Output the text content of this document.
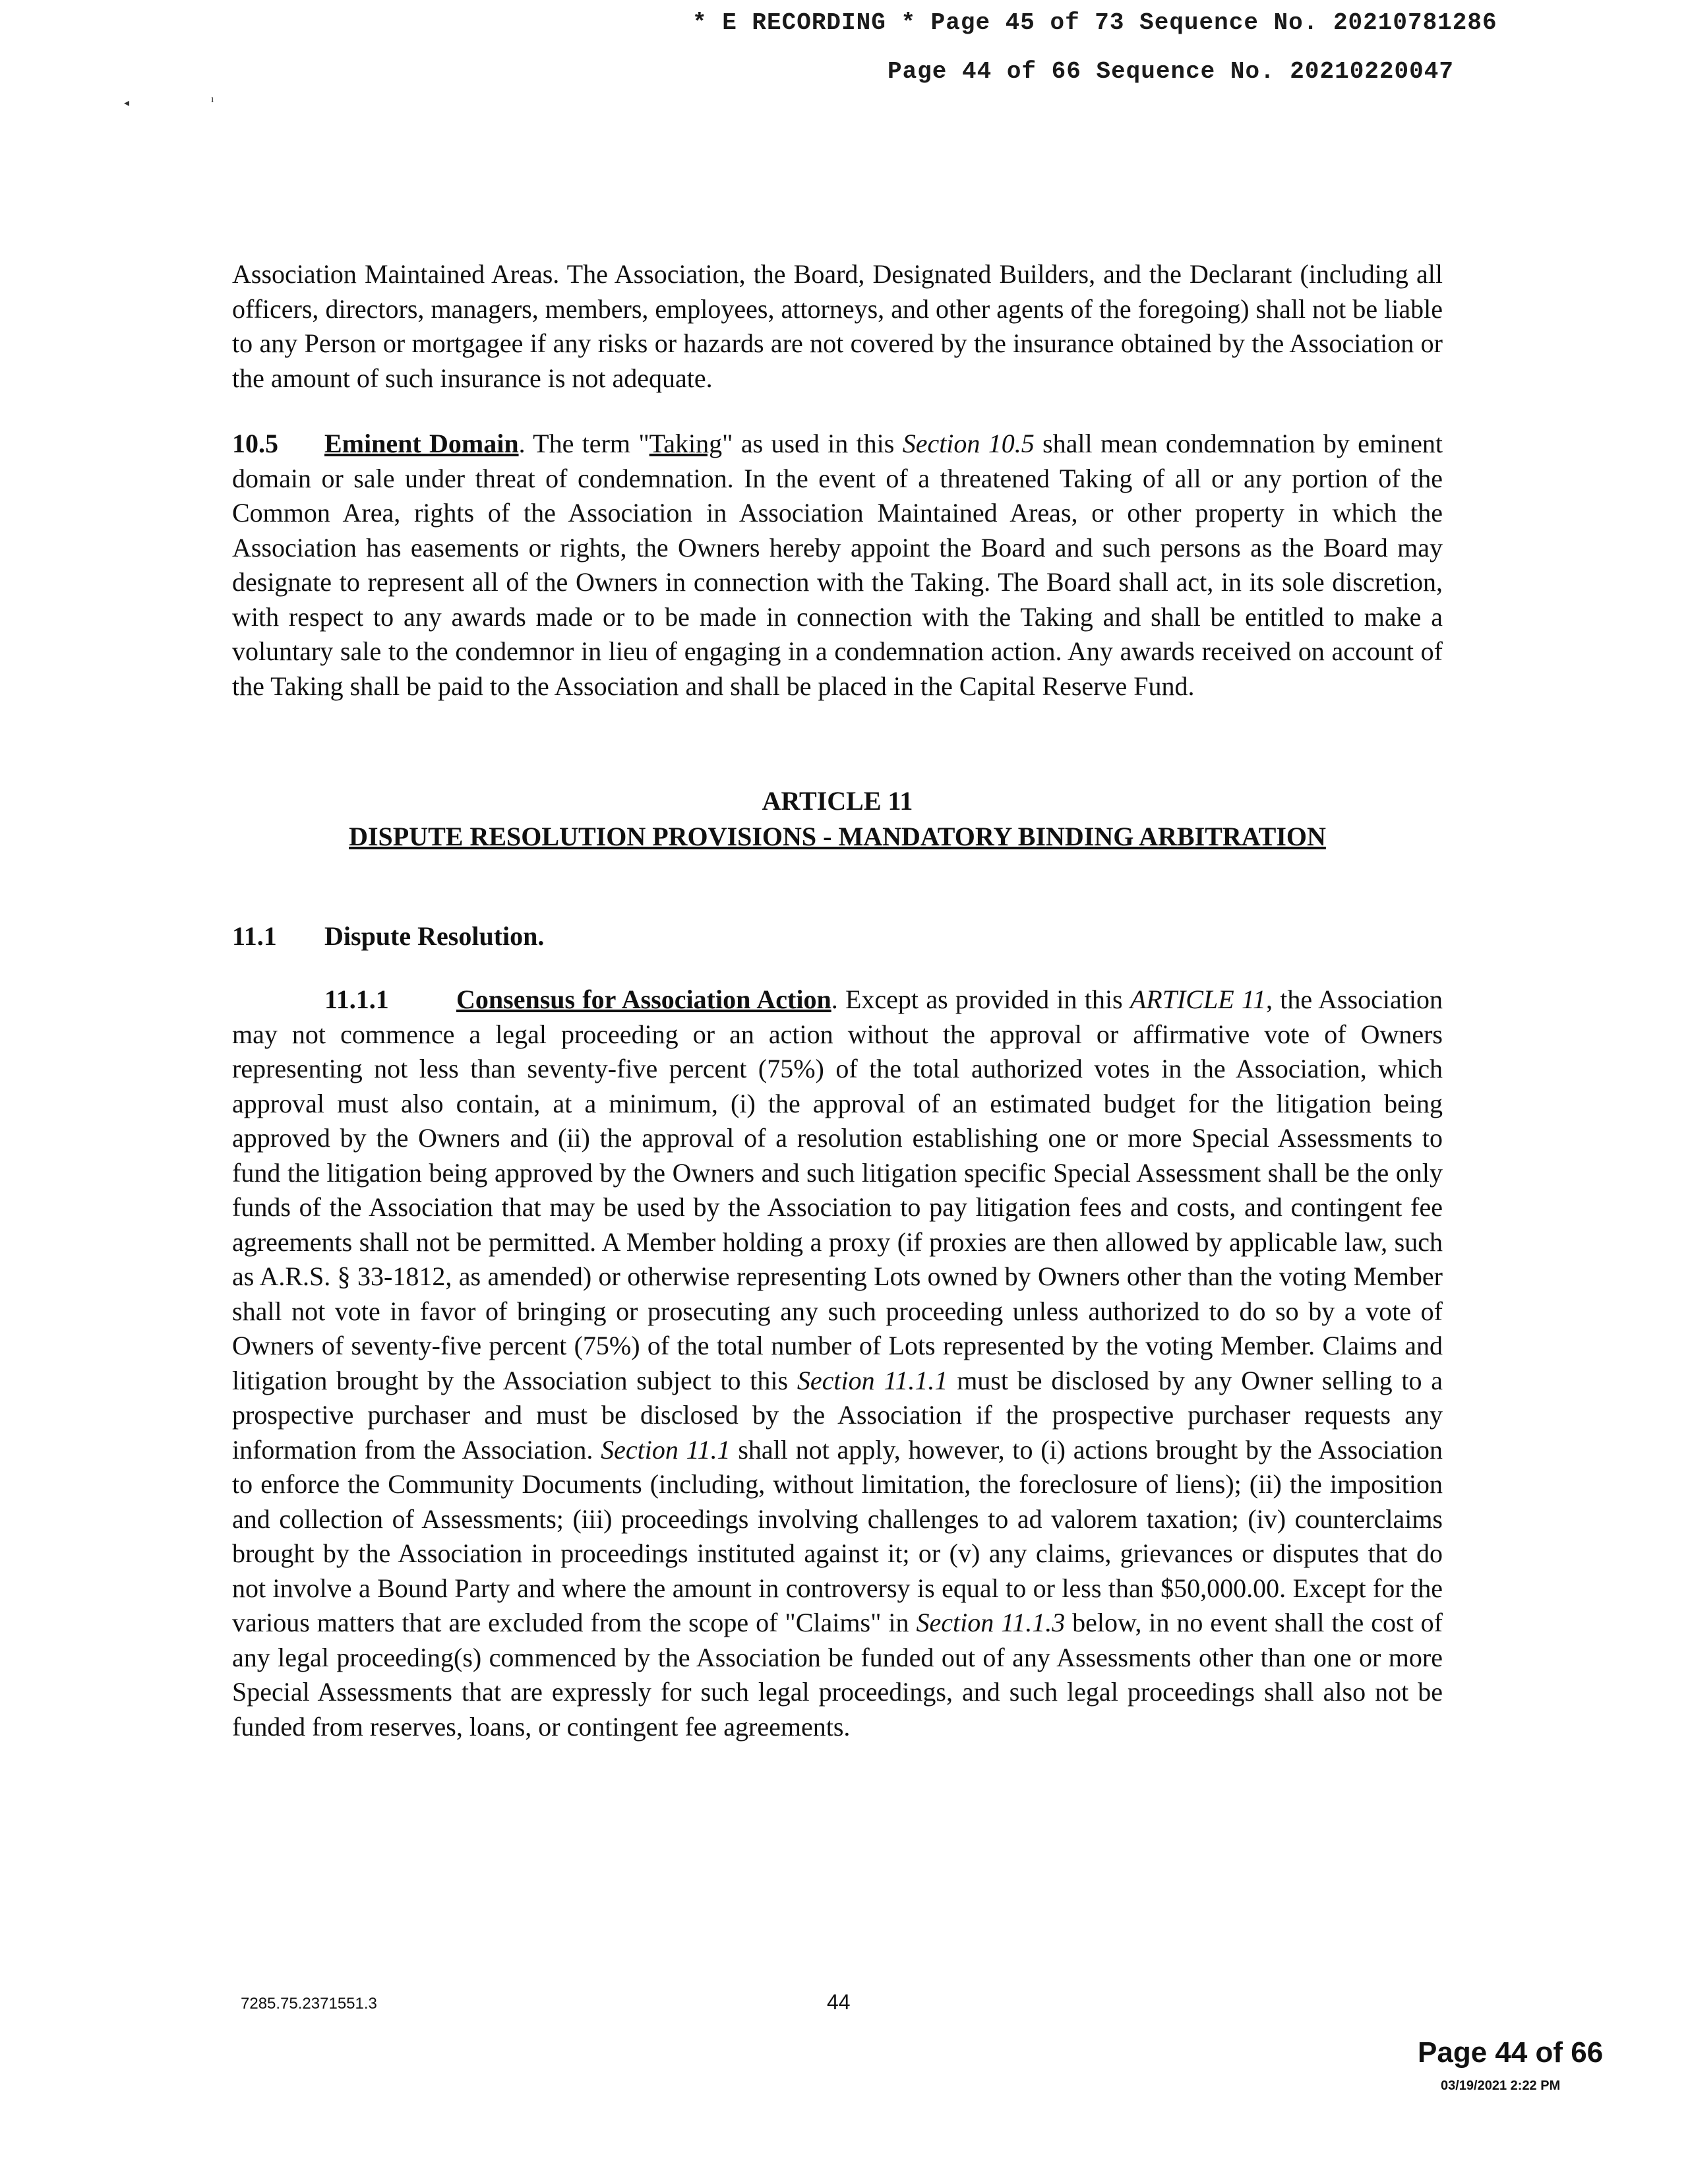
* E RECORDING * Page 45 of 73 Sequence No. 20210781286
Page 44 of 66 Sequence No. 20210220047
◂	ı

Association Maintained Areas. The Association, the Board, Designated Builders, and the Declarant (including all officers, directors, managers, members, employees, attorneys, and other agents of the foregoing) shall not be liable to any Person or mortgagee if any risks or hazards are not covered by the insurance obtained by the Association or the amount of such insurance is not adequate.

10.5 Eminent Domain. The term "Taking" as used in this Section 10.5 shall mean condemnation by eminent domain or sale under threat of condemnation. In the event of a threatened Taking of all or any portion of the Common Area, rights of the Association in Association Maintained Areas, or other property in which the Association has easements or rights, the Owners hereby appoint the Board and such persons as the Board may designate to represent all of the Owners in connection with the Taking. The Board shall act, in its sole discretion, with respect to any awards made or to be made in connection with the Taking and shall be entitled to make a voluntary sale to the condemnor in lieu of engaging in a condemnation action. Any awards received on account of the Taking shall be paid to the Association and shall be placed in the Capital Reserve Fund.

ARTICLE 11
DISPUTE RESOLUTION PROVISIONS - MANDATORY BINDING ARBITRATION
11.1 Dispute Resolution.

11.1.1	Consensus for Association Action. Except as provided in this ARTICLE 11, the Association may not commence a legal proceeding or an action without the approval or affirmative vote of Owners representing not less than seventy-five percent (75%) of the total authorized votes in the Association, which approval must also contain, at a minimum, (i) the approval of an estimated budget for the litigation being approved by the Owners and (ii) the approval of a resolution establishing one or more Special Assessments to fund the litigation being approved by the Owners and such litigation specific Special Assessment shall be the only funds of the Association that may be used by the Association to pay litigation fees and costs, and contingent fee agreements shall not be permitted. A Member holding a proxy (if proxies are then allowed by applicable law, such as A.R.S. § 33-1812, as amended) or otherwise representing Lots owned by Owners other than the voting Member shall not vote in favor of bringing or prosecuting any such proceeding unless authorized to do so by a vote of Owners of seventy-five percent (75%) of the total number of Lots represented by the voting Member. Claims and litigation brought by the Association subject to this Section 11.1.1 must be disclosed by any Owner selling to a prospective purchaser and must be disclosed by the Association if the prospective purchaser requests any information from the Association. Section 11.1 shall not apply, however, to (i) actions brought by the Association to enforce the Community Documents (including, without limitation, the foreclosure of liens); (ii) the imposition and collection of Assessments; (iii) proceedings involving challenges to ad valorem taxation; (iv) counterclaims brought by the Association in proceedings instituted against it; or (v) any claims, grievances or disputes that do not involve a Bound Party and where the amount in controversy is equal to or less than $50,000.00. Except for the various matters that are excluded from the scope of "Claims" in Section 11.1.3 below, in no event shall the cost of any legal proceeding(s) commenced by the Association be funded out of any Assessments other than one or more Special Assessments that are expressly for such legal proceedings, and such legal proceedings shall also not be funded from reserves, loans, or contingent fee agreements.

7285.75.2371551.3	44
Page 44 of 66
03/19/2021 2:22 PM
